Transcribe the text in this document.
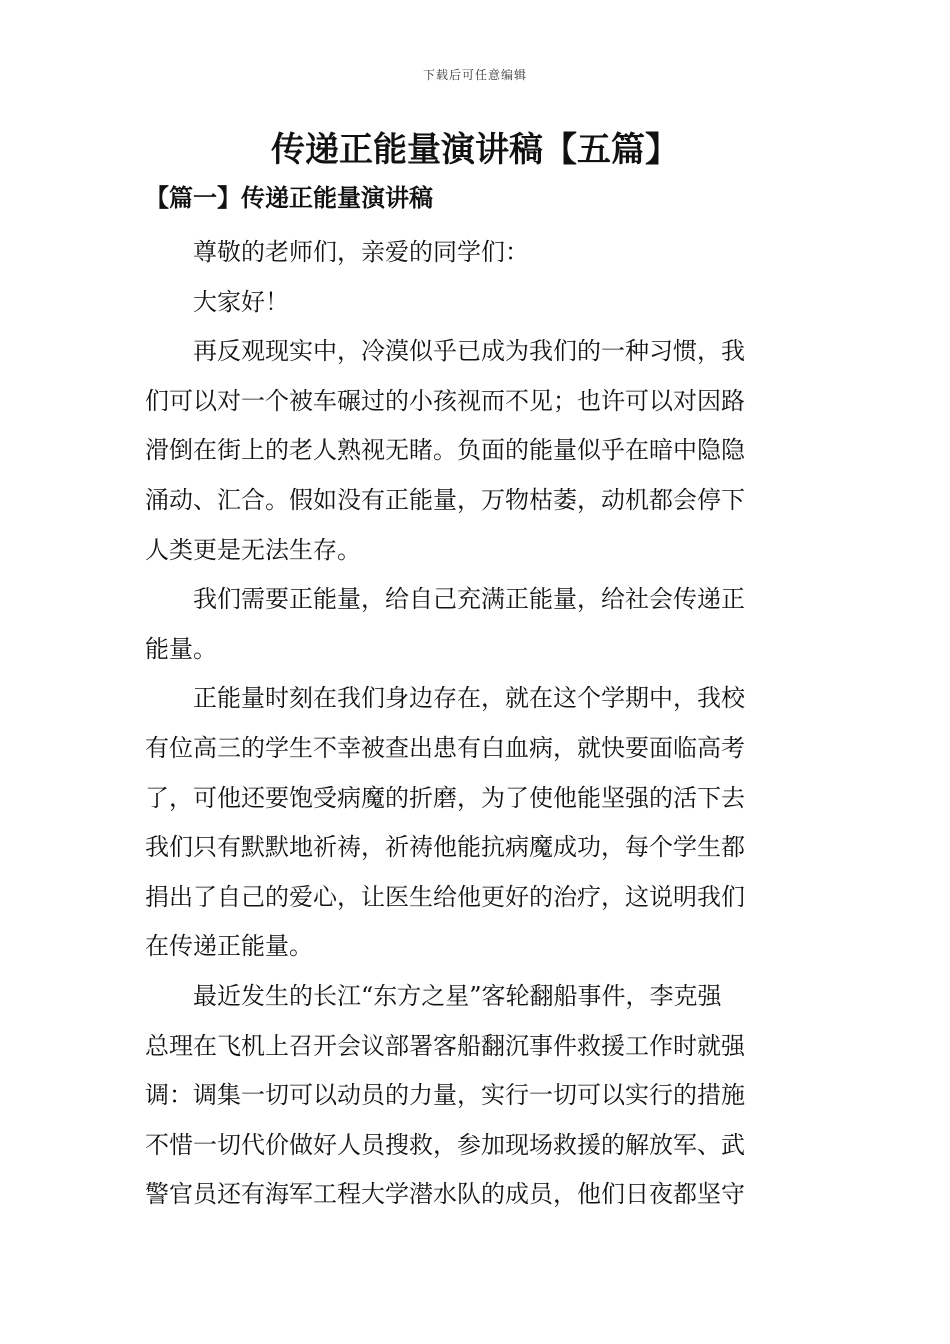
下载后可任意编辑
传递正能量演讲稿【五篇】
【篇一】传递正能量演讲稿

尊敬的老师们，亲爱的同学们：

大家好！

再反观现实中，冷漠似乎已成为我们的一种习惯，我
们可以对一个被车碾过的小孩视而不见；也许可以对因路
滑倒在街上的老人熟视无睹。负面的能量似乎在暗中隐隐
涌动、汇合。假如没有正能量，万物枯萎，动机都会停下
人类更是无法生存。

我们需要正能量，给自己充满正能量，给社会传递正
能量。

正能量时刻在我们身边存在，就在这个学期中，我校
有位高三的学生不幸被查出患有白血病，就快要面临高考
了，可他还要饱受病魔的折磨，为了使他能坚强的活下去
我们只有默默地祈祷，祈祷他能抗病魔成功，每个学生都
捐出了自己的爱心，让医生给他更好的治疗，这说明我们
在传递正能量。

最近发生的长江“东方之星”客轮翻船事件，李克强
总理在飞机上召开会议部署客船翻沉事件救援工作时就强
调：调集一切可以动员的力量，实行一切可以实行的措施
不惜一切代价做好人员搜救，参加现场救援的解放军、武
警官员还有海军工程大学潜水队的成员，他们日夜都坚守
